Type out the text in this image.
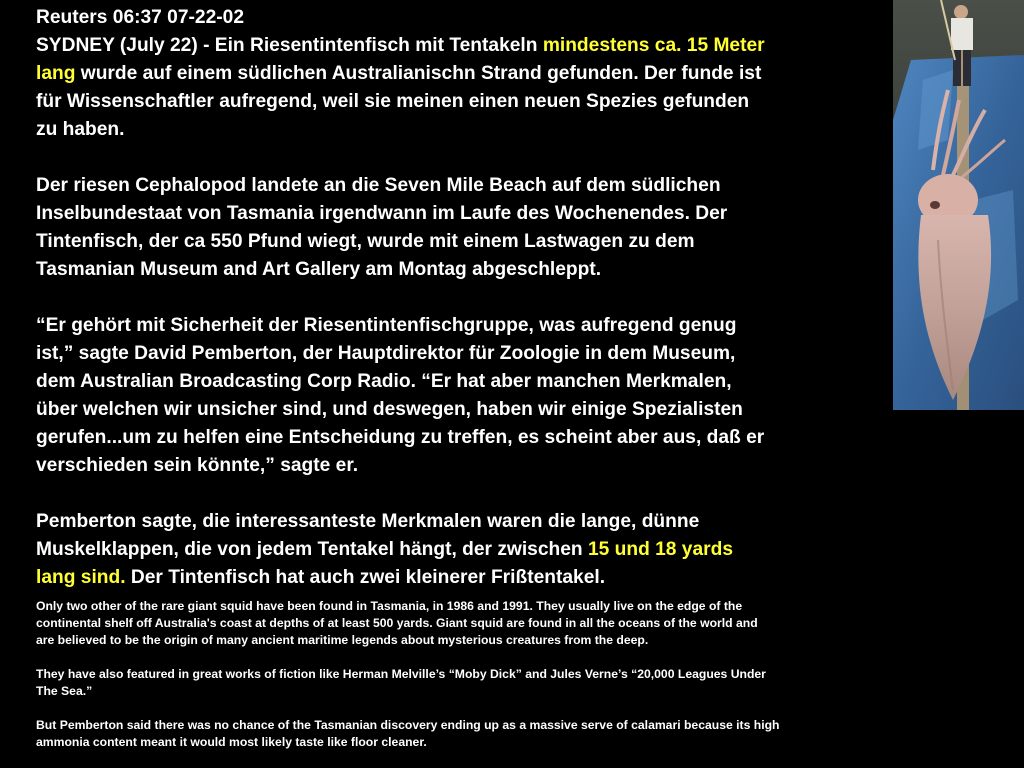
Reuters 06:37 07-22-02

SYDNEY (July 22) - Ein Riesentintenfisch mit Tentakeln mindestens ca. 15 Meter

lang wurde auf einem südlichen Australianischn Strand gefunden. Der funde ist

für Wissenschaftler aufregend, weil sie meinen einen neuen Spezies gefunden

zu haben.

Der riesen Cephalopod landete an die Seven Mile Beach auf dem südlichen

Inselbundestaat von Tasmania irgendwann im Laufe des Wochenendes. Der

Tintenfisch, der ca 550 Pfund wiegt, wurde mit einem Lastwagen zu dem

Tasmanian Museum and Art Gallery am Montag abgeschleppt.

“Er gehört mit Sicherheit der Riesentintenfischgruppe, was aufregend genug

ist,” sagte David Pemberton, der Hauptdirektor für Zoologie in dem Museum,

dem Australian Broadcasting Corp Radio. “Er hat aber manchen Merkmalen,

über welchen wir unsicher sind, und deswegen, haben wir einige Spezialisten

gerufen...um zu helfen eine Entscheidung zu treffen, es scheint aber aus, daß er

verschieden sein könnte,” sagte er.

Pemberton sagte, die interessanteste Merkmalen waren die lange, dünne

Muskelklappen, die von jedem Tentakel hängt, der zwischen 15 und 18 yards

lang sind. Der Tintenfisch hat auch zwei kleinerer Frißtentakel.

Only two other of the rare giant squid have been found in Tasmania, in 1986 and 1991. They usually live on the edge of the

continental shelf off Australia's coast at depths of at least 500 yards. Giant squid are found in all the oceans of the world and

are believed to be the origin of many ancient maritime legends about mysterious creatures from the deep.

They have also featured in great works of fiction like Herman Melville’s “Moby Dick” and Jules Verne’s “20,000 Leagues Under

The Sea.”

But Pemberton said there was no chance of the Tasmanian discovery ending up as a massive serve of calamari because its high

ammonia content meant it would most likely taste like floor cleaner.
